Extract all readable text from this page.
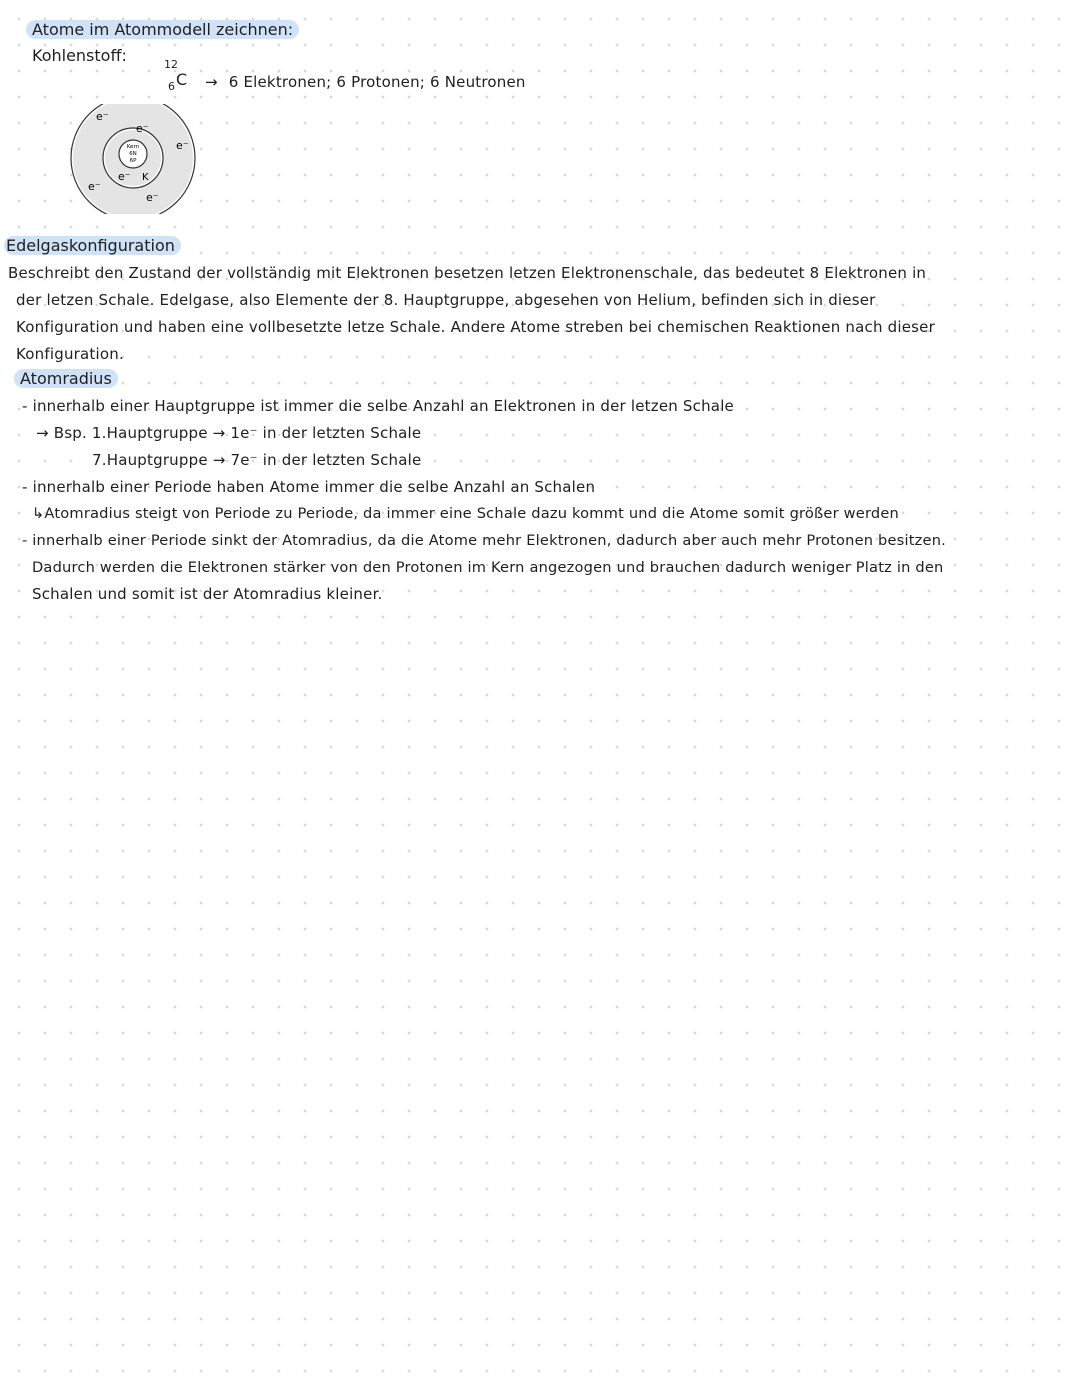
Atome im Atommodell zeichnen:
Kohlenstoff:	12
6 C → 6 Elektronen; 6 Protonen; 6 Neutronen
Kern
6N
6P
K
e⁻
e⁻
e⁻
e⁻
e⁻
e⁻
Edelgaskonfiguration
Beschreibt den Zustand der vollständig mit Elektronen besetzen letzen Elektronenschale, das bedeutet 8 Elektronen in
der letzen Schale. Edelgase, also Elemente der 8. Hauptgruppe, abgesehen von Helium, befinden sich in dieser
Konfiguration und haben eine vollbesetzte letze Schale. Andere Atome streben bei chemischen Reaktionen nach dieser
Konfiguration.
Atomradius
- innerhalb einer Hauptgruppe ist immer die selbe Anzahl an Elektronen in der letzen Schale
→ Bsp. 1.Hauptgruppe → 1e⁻ in der letzten Schale
7.Hauptgruppe → 7e⁻ in der letzten Schale
- innerhalb einer Periode haben Atome immer die selbe Anzahl an Schalen
↳Atomradius steigt von Periode zu Periode, da immer eine Schale dazu kommt und die Atome somit größer werden
- innerhalb einer Periode sinkt der Atomradius, da die Atome mehr Elektronen, dadurch aber auch mehr Protonen besitzen.
Dadurch werden die Elektronen stärker von den Protonen im Kern angezogen und brauchen dadurch weniger Platz in den
Schalen und somit ist der Atomradius kleiner.
